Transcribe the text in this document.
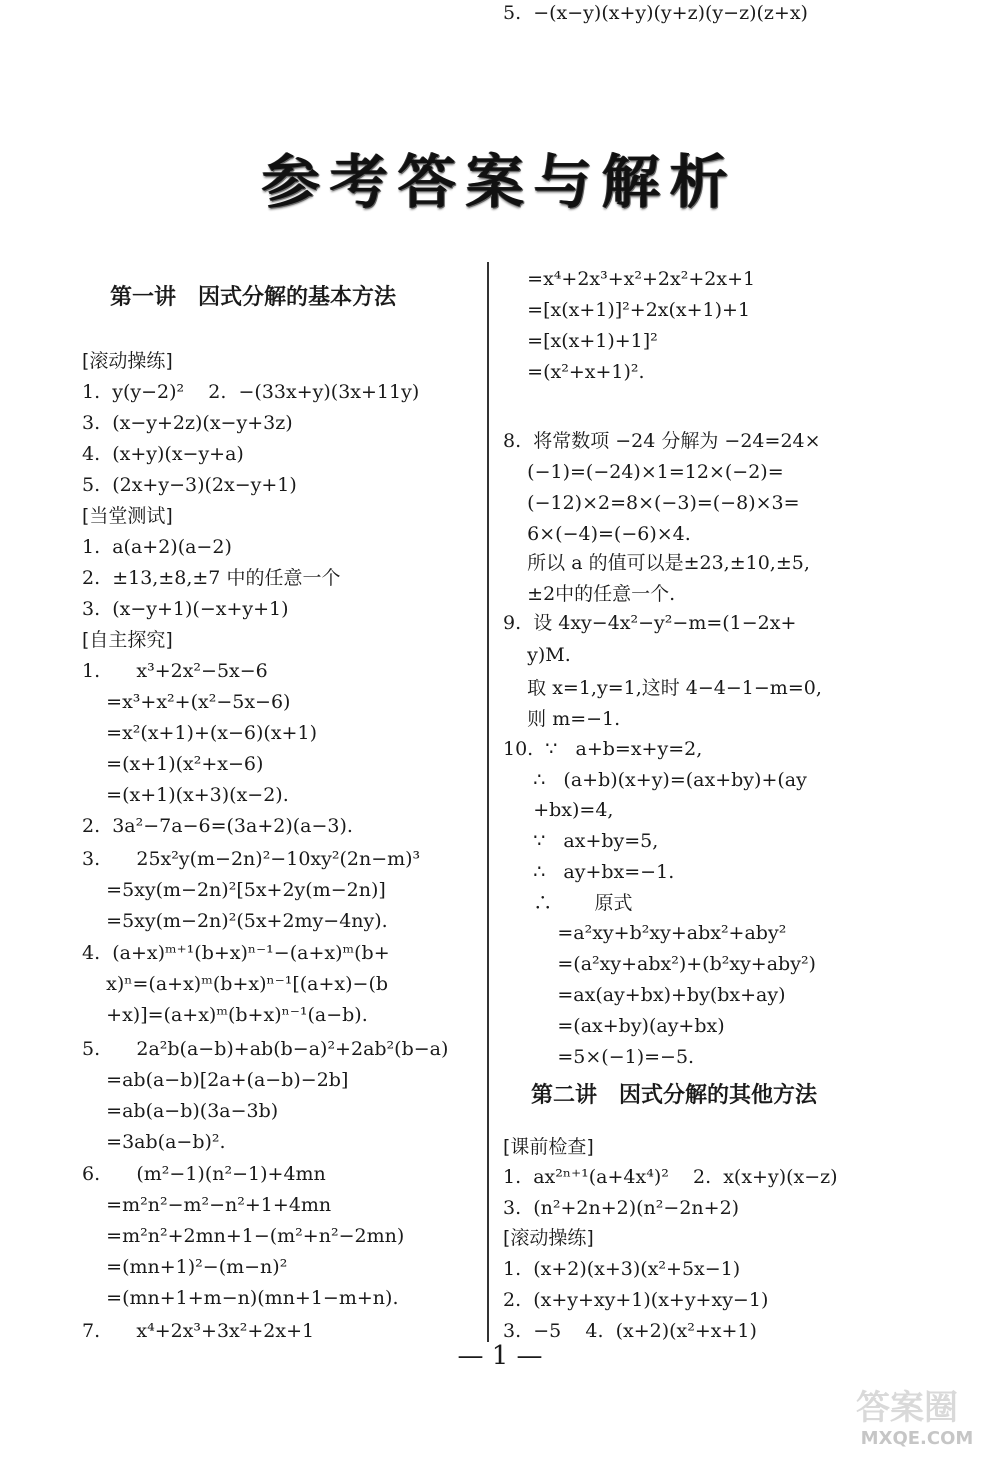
参考答案与解析
第一讲　因式分解的基本方法
[滚动操练]
1.  y(y−2)²    2.  −(33x+y)(3x+11y)
3.  (x−y+2z)(x−y+3z)
4.  (x+y)(x−y+a)
5.  (2x+y−3)(2x−y+1)
[当堂测试]
1.  a(a+2)(a−2)
2.  ±13,±8,±7 中的任意一个
3.  (x−y+1)(−x+y+1)
[自主探究]
1.      x³+2x²−5x−6
=x³+x²+(x²−5x−6)
=x²(x+1)+(x−6)(x+1)
=(x+1)(x²+x−6)
=(x+1)(x+3)(x−2).
2.  3a²−7a−6=(3a+2)(a−3).
3.      25x²y(m−2n)²−10xy²(2n−m)³
=5xy(m−2n)²[5x+2y(m−2n)]
=5xy(m−2n)²(5x+2my−4ny).
4.  (a+x)ᵐ⁺¹(b+x)ⁿ⁻¹−(a+x)ᵐ(b+
x)ⁿ=(a+x)ᵐ(b+x)ⁿ⁻¹[(a+x)−(b
+x)]=(a+x)ᵐ(b+x)ⁿ⁻¹(a−b).
5.      2a²b(a−b)+ab(b−a)²+2ab²(b−a)
=ab(a−b)[2a+(a−b)−2b]
=ab(a−b)(3a−3b)
=3ab(a−b)².
6.      (m²−1)(n²−1)+4mn
=m²n²−m²−n²+1+4mn
=m²n²+2mn+1−(m²+n²−2mn)
=(mn+1)²−(m−n)²
=(mn+1+m−n)(mn+1−m+n).
7.      x⁴+2x³+3x²+2x+1
=x⁴+2x³+x²+2x²+2x+1
=[x(x+1)]²+2x(x+1)+1
=[x(x+1)+1]²
=(x²+x+1)².
8.  将常数项 −24 分解为 −24=24×
(−1)=(−24)×1=12×(−2)=
(−12)×2=8×(−3)=(−8)×3=
6×(−4)=(−6)×4.
所以 a 的值可以是±23,±10,±5,
±2中的任意一个.
9.  设 4xy−4x²−y²−m=(1−2x+
y)M.
取 x=1,y=1,这时 4−4−1−m=0,
则 m=−1.
10.  ∵   a+b=x+y=2,
∴   (a+b)(x+y)=(ax+by)+(ay
+bx)=4,
∵   ax+by=5,
∴   ay+bx=−1.
∴       原式
=a²xy+b²xy+abx²+aby²
=(a²xy+abx²)+(b²xy+aby²)
=ax(ay+bx)+by(bx+ay)
=(ax+by)(ay+bx)
=5×(−1)=−5.
第二讲　因式分解的其他方法
[课前检查]
1.  ax²ⁿ⁺¹(a+4x⁴)²    2.  x(x+y)(x−z)
3.  (n²+2n+2)(n²−2n+2)
[滚动操练]
1.  (x+2)(x+3)(x²+5x−1)
2.  (x+y+xy+1)(x+y+xy−1)
3.  −5    4.  (x+2)(x²+x+1)
5.  −(x−y)(x+y)(y+z)(y−z)(z+x)
— 1 —
答案圈
MXQE.COM
